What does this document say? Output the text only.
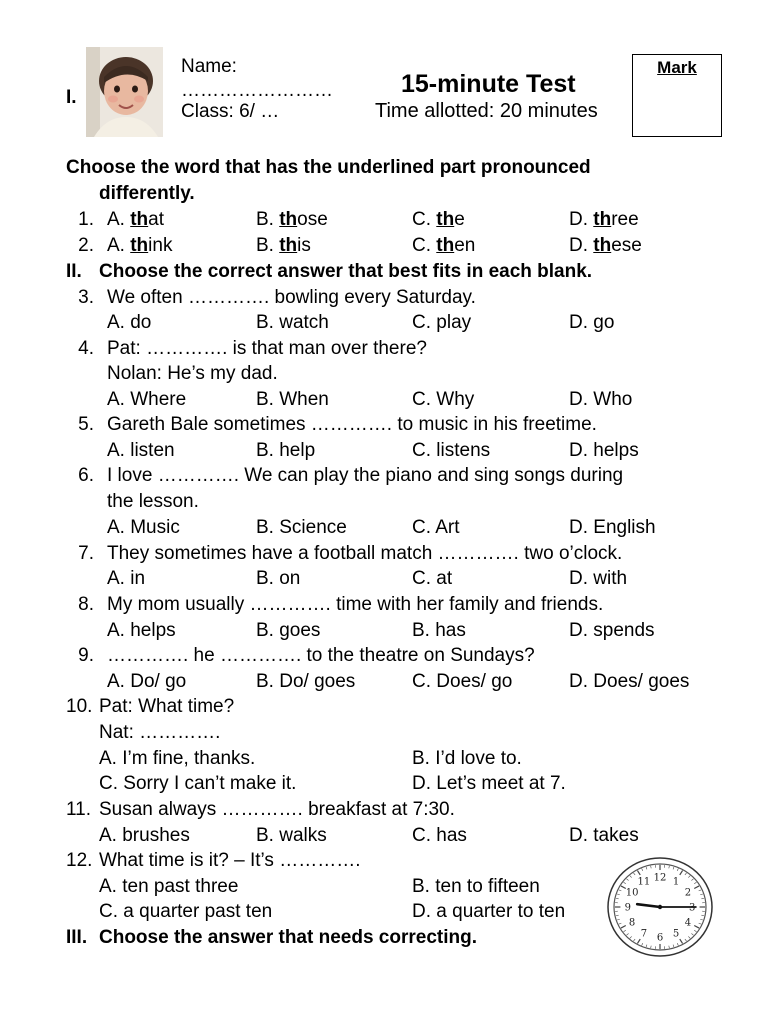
I.
Name:
……………………
Class: 6/ …
15-minute Test
Time allotted: 20 minutes
Mark
Choose the word that has the underlined part pronounced
differently.
1. A. that	B. those	C. the	D. three
2. A. think	B. this	C. then	D. these
II. Choose the correct answer that best fits in each blank.
3. We often …………. bowling every Saturday.
A. do	B. watch	C. play	D. go
4. Pat: …………. is that man over there?
Nolan: He’s my dad.
A. Where	B. When	C. Why	D. Who
5. Gareth Bale sometimes …………. to music in his freetime.
A. listen	B. help	C. listens	D. helps
6. I love …………. We can play the piano and sing songs during
the lesson.
A. Music	B. Science	C. Art	D. English
7. They sometimes have a football match …………. two o’clock.
A. in	B. on	C. at	D. with
8. My mom usually …………. time with her family and friends.
A. helps	B. goes	B. has	D. spends
9. …………. he …………. to the theatre on Sundays?
A. Do/ go	B. Do/ goes	C. Does/ go	D. Does/ goes
10. Pat: What time?
Nat: ………….
A. I’m fine, thanks.	B. I’d love to.
C. Sorry I can’t make it.	D. Let’s meet at 7.
11. Susan always …………. breakfast at 7:30.
A. brushes	B. walks	C. has	D. takes
12. What time is it? – It’s ………….
A. ten past three	B. ten to fifteen
C. a quarter past ten	D. a quarter to ten
12 1
2
3
4
5
6
7
8
9
10
11
III. Choose the answer that needs correcting.
